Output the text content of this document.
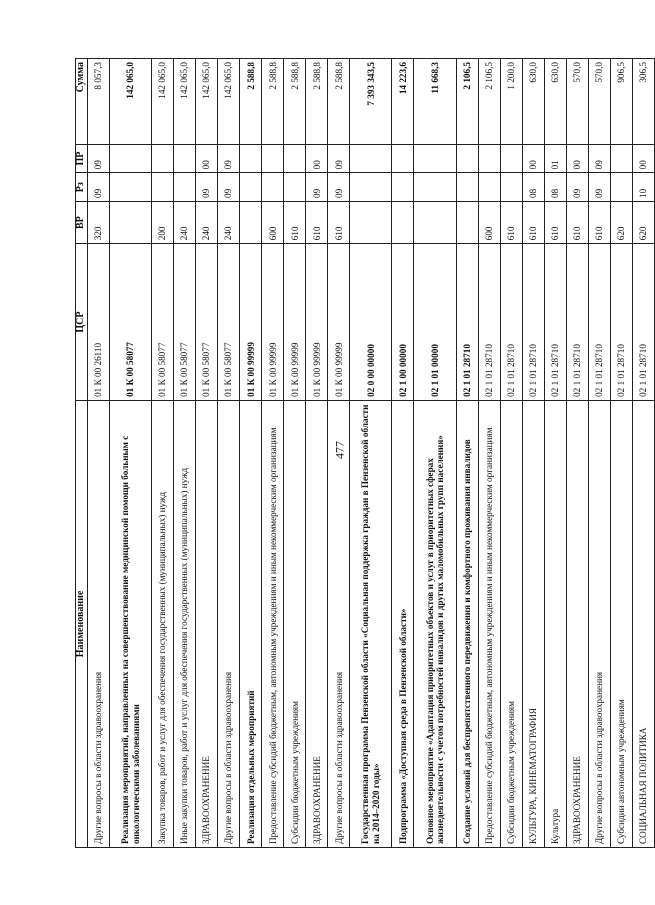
477
Наименование	ЦСР	ВР	Рз	ПР	Сумма
Другие вопросы в области здравоохранения	01 К 00 26110	320	09	09	8 057,3
Реализация мероприятий, направленных на совершенствование медицинской помощи больным с онкологическими заболеваниями	01 К 00 58077				142 065,0
Закупка товаров, работ и услуг для обеспечения государственных (муниципальных) нужд	01 К 00 58077	200			142 065,0
Иные закупки товаров, работ и услуг для обеспечения государственных (муниципальных) нужд	01 К 00 58077	240			142 065,0
ЗДРАВООХРАНЕНИЕ	01 К 00 58077	240	09	00	142 065,0
Другие вопросы в области здравоохранения	01 К 00 58077	240	09	09	142 065,0
Реализация отдельных мероприятий	01 К 00 99999				2 588,8
Предоставление субсидий бюджетным, автономным учреждениям и иным некоммерческим организациям	01 К 00 99999	600			2 588,8
Субсидии бюджетным учреждениям	01 К 00 99999	610			2 588,8
ЗДРАВООХРАНЕНИЕ	01 К 00 99999	610	09	00	2 588,8
Другие вопросы в области здравоохранения	01 К 00 99999	610	09	09	2 588,8
Государственная программа Пензенской области «Социальная поддержка граждан в Пензенской области на 2014–2020 годы»	02 0 00 00000				7 393 343,5
Подпрограмма «Доступная среда в Пензенской области»	02 1 00 00000				14 223,6
Основное мероприятие «Адаптация приоритетных объектов и услуг в приоритетных сферах жизнедеятельности с учетом потребностей инвалидов и других маломобильных групп населения»	02 1 01 00000				11 668,3
Создание условий для беспрепятственного передвижения и комфортного проживания инвалидов	02 1 01 28710				2 106,5
Предоставление субсидий бюджетным, автономным учреждениям и иным некоммерческим организациям	02 1 01 28710	600			2 106,5
Субсидии бюджетным учреждениям	02 1 01 28710	610			1 200,0
КУЛЬТУРА, КИНЕМАТОГРАФИЯ	02 1 01 28710	610	08	00	630,0
Культура	02 1 01 28710	610	08	01	630,0
ЗДРАВООХРАНЕНИЕ	02 1 01 28710	610	09	00	570,0
Другие вопросы в области здравоохранения	02 1 01 28710	610	09	09	570,0
Субсидии автономным учреждениям	02 1 01 28710	620			906,5
СОЦИАЛЬНАЯ ПОЛИТИКА	02 1 01 28710	620	10	00	306,5
